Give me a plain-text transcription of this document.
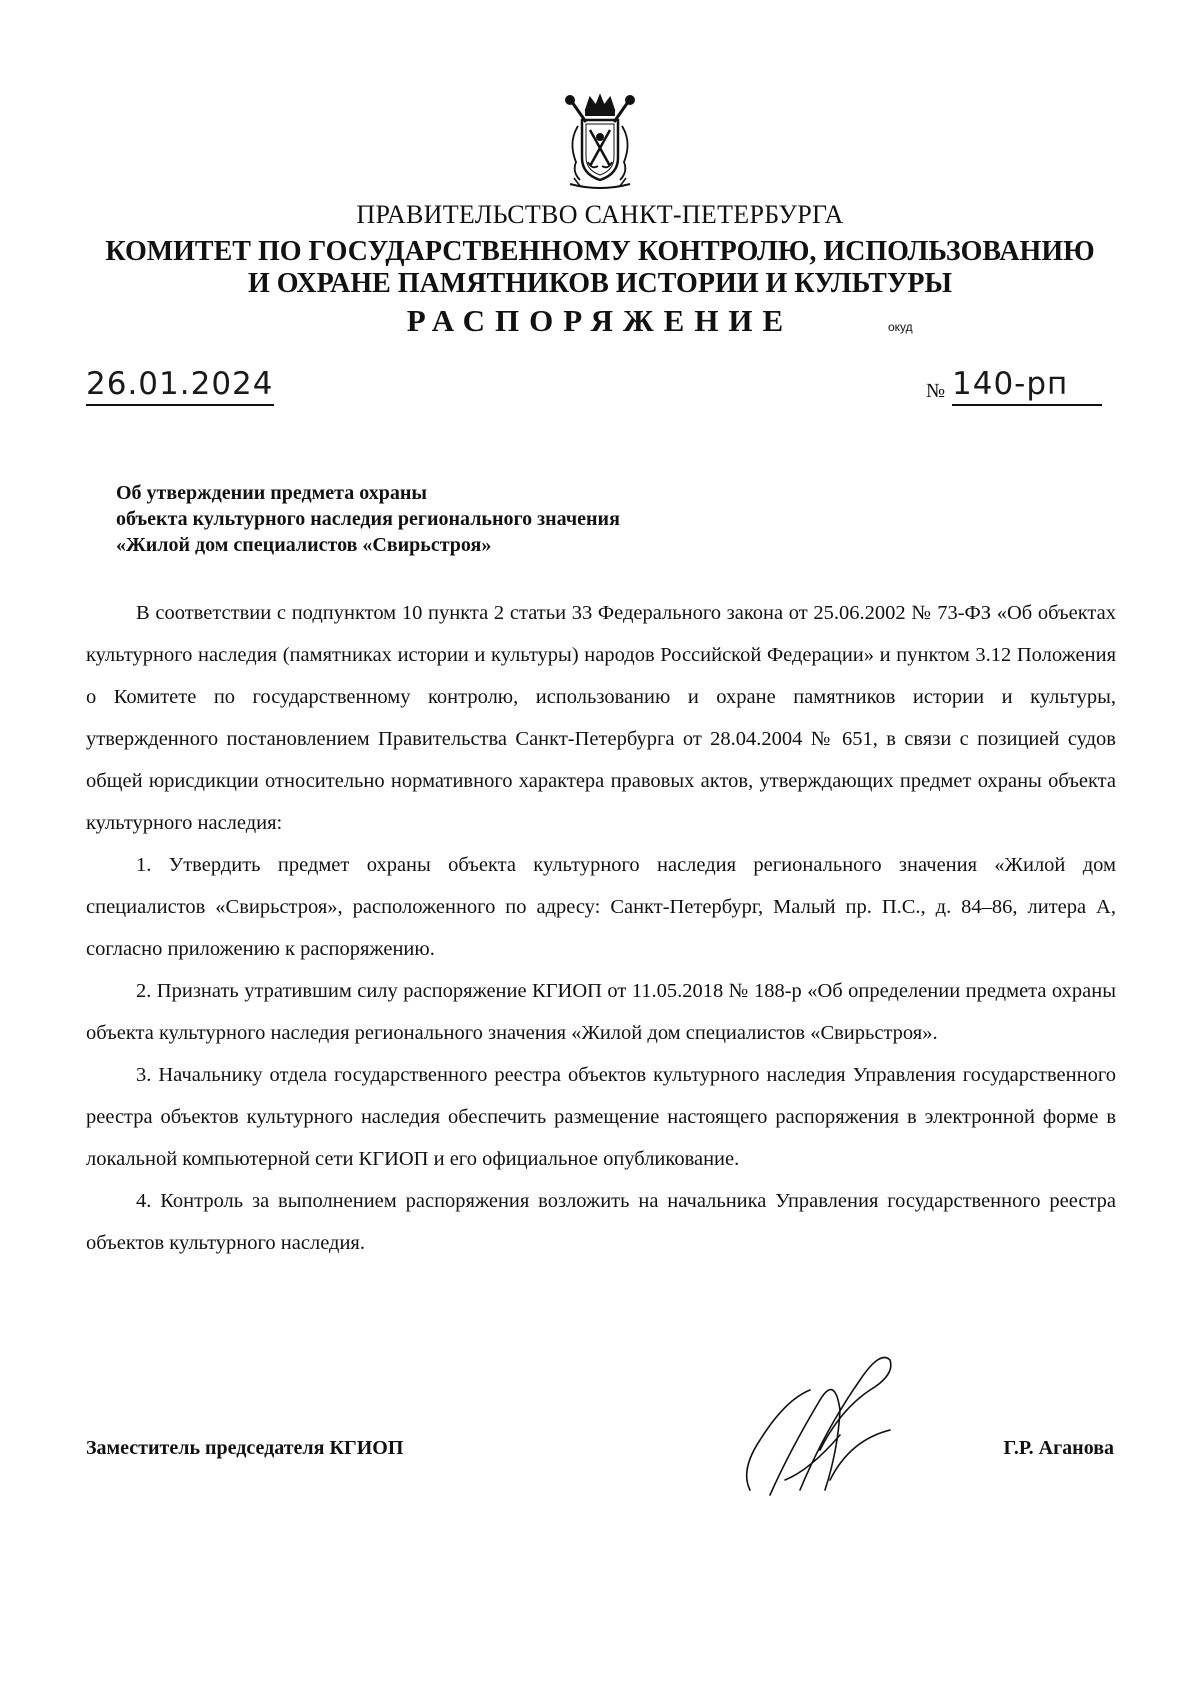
ПРАВИТЕЛЬСТВО САНКТ-ПЕТЕРБУРГА
КОМИТЕТ ПО ГОСУДАРСТВЕННОМУ КОНТРОЛЮ, ИСПОЛЬЗОВАНИЮ
И ОХРАНЕ ПАМЯТНИКОВ ИСТОРИИ И КУЛЬТУРЫ
РАСПОРЯЖЕНИЕ	окуд
26.01.2024	№ 140-рп
Об утверждении предмета охраны
объекта культурного наследия регионального значения
«Жилой дом специалистов «Свирьстроя»

В соответствии с подпунктом 10 пункта 2 статьи 33 Федерального закона от 25.06.2002 № 73-ФЗ «Об объектах культурного наследия (памятниках истории и культуры) народов Российской Федерации» и пунктом 3.12 Положения о Комитете по государственному контролю, использованию и охране памятников истории и культуры, утвержденного постановлением Правительства Санкт-Петербурга от 28.04.2004 № 651, в связи с позицией судов общей юрисдикции относительно нормативного характера правовых актов, утверждающих предмет охраны объекта культурного наследия:

1. Утвердить предмет охраны объекта культурного наследия регионального значения «Жилой дом специалистов «Свирьстроя», расположенного по адресу: Санкт-Петербург, Малый пр. П.С., д. 84–86, литера А, согласно приложению к распоряжению.

2. Признать утратившим силу распоряжение КГИОП от 11.05.2018 № 188-р «Об определении предмета охраны объекта культурного наследия регионального значения «Жилой дом специалистов «Свирьстроя».

3. Начальнику отдела государственного реестра объектов культурного наследия Управления государственного реестра объектов культурного наследия обеспечить размещение настоящего распоряжения в электронной форме в локальной компьютерной сети КГИОП и его официальное опубликование.

4. Контроль за выполнением распоряжения возложить на начальника Управления государственного реестра объектов культурного наследия.

Заместитель председателя КГИОП	Г.Р. Аганова
